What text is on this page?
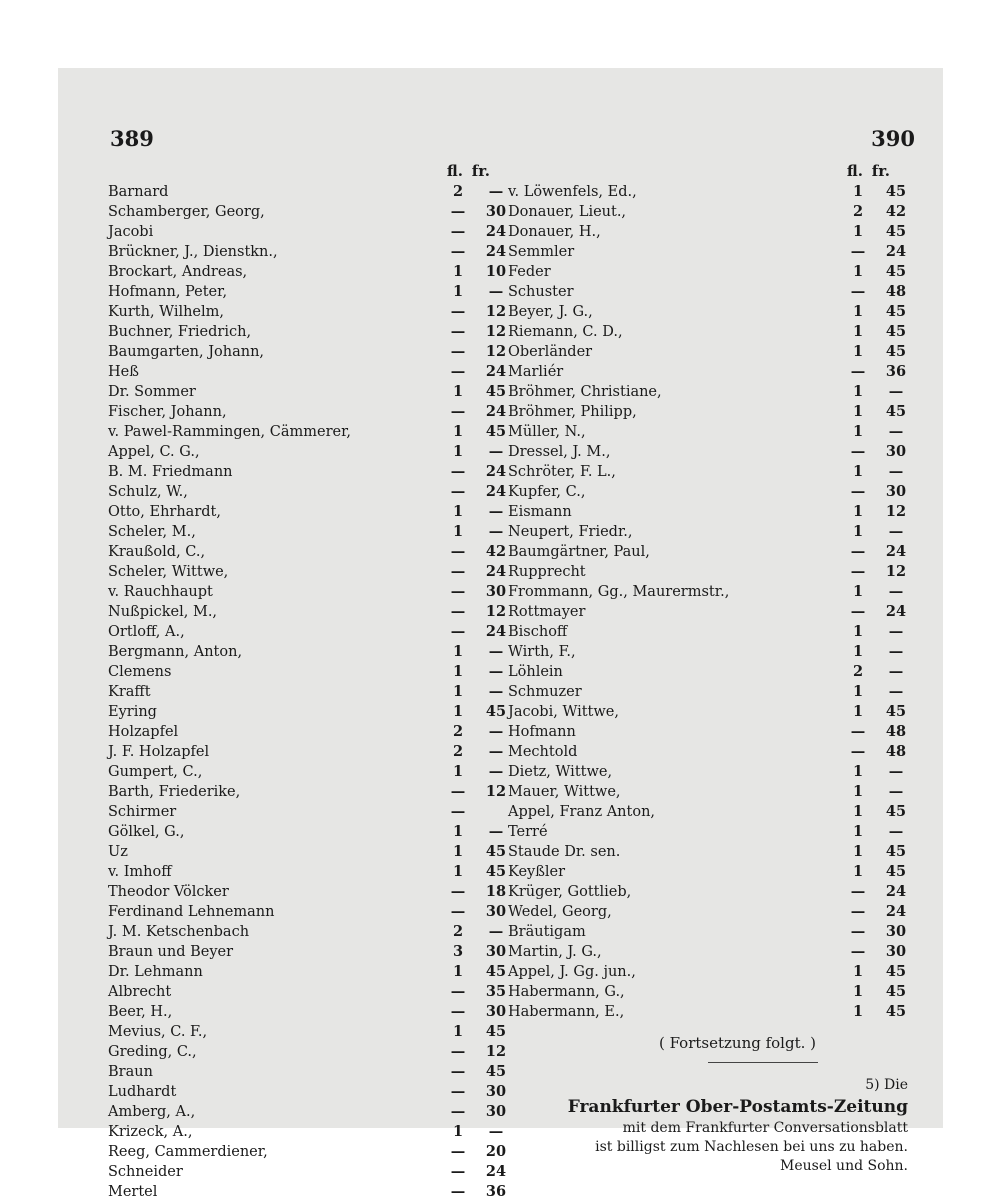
389	390
fl. fr.
Barnard	2	—
Schamberger, Georg,	—	30
Jacobi	—	24
Brückner, J., Dienstkn.,	—	24
Brockart, Andreas,	1	10
Hofmann, Peter,	1	—
Kurth, Wilhelm,	—	12
Buchner, Friedrich,	—	12
Baumgarten, Johann,	—	12
Heß	—	24
Dr. Sommer	1	45
Fischer, Johann,	—	24
v. Pawel-Rammingen, Cämmerer,	1	45
Appel, C. G.,	1	—
B. M. Friedmann	—	24
Schulz, W.,	—	24
Otto, Ehrhardt,	1	—
Scheler, M.,	1	—
Kraußold, C.,	—	42
Scheler, Wittwe,	—	24
v. Rauchhaupt	—	30
Nußpickel, M.,	—	12
Ortloff, A.,	—	24
Bergmann, Anton,	1	—
Clemens	1	—
Krafft	1	—
Eyring	1	45
Holzapfel	2	—
J. F. Holzapfel	2	—
Gumpert, C.,	1	—
Barth, Friederike,	—	12
Schirmer	—
Gölkel, G.,	1	—
Uz	1	45
v. Imhoff	1	45
Theodor Völcker	—	18
Ferdinand Lehnemann	—	30
J. M. Ketschenbach	2	—
Braun und Beyer	3	30
Dr. Lehmann	1	45
Albrecht	—	35
Beer, H.,	—	30
Mevius, C. F.,	1	45
Greding, C.,	—	12
Braun	—	45
Ludhardt	—	30
Amberg, A.,	—	30
Krizeck, A.,	1	—
Reeg, Cammerdiener,	—	20
Schneider	—	24
Mertel	—	36
fl. fr.
v. Löwenfels, Ed.,	1	45
Donauer, Lieut.,	2	42
Donauer, H.,	1	45
Semmler	—	24
Feder	1	45
Schuster	—	48
Beyer, J. G.,	1	45
Riemann, C. D.,	1	45
Oberländer	1	45
Marliér	—	36
Bröhmer, Christiane,	1	—
Bröhmer, Philipp,	1	45
Müller, N.,	1	—
Dressel, J. M.,	—	30
Schröter, F. L.,	1	—
Kupfer, C.,	—	30
Eismann	1	12
Neupert, Friedr.,	1	—
Baumgärtner, Paul,	—	24
Rupprecht	—	12
Frommann, Gg., Maurermstr.,	1	—
Rottmayer	—	24
Bischoff	1	—
Wirth, F.,	1	—
Löhlein	2	—
Schmuzer	1	—
Jacobi, Wittwe,	1	45
Hofmann	—	48
Mechtold	—	48
Dietz, Wittwe,	1	—
Mauer, Wittwe,	1	—
Appel, Franz Anton,	1	45
Terré	1	—
Staude Dr. sen.	1	45
Keyßler	1	45
Krüger, Gottlieb,	—	24
Wedel, Georg,	—	24
Bräutigam	—	30
Martin, J. G.,	—	30
Appel, J. Gg. jun.,	1	45
Habermann, G.,	1	45
Habermann, E.,	1	45
( Fortsetzung folgt. )
5) Die
Frankfurter Ober-Postamts-Zeitung
mit dem Frankfurter Conversationsblatt
ist billigst zum Nachlesen bei uns zu haben.
Meusel und Sohn.
